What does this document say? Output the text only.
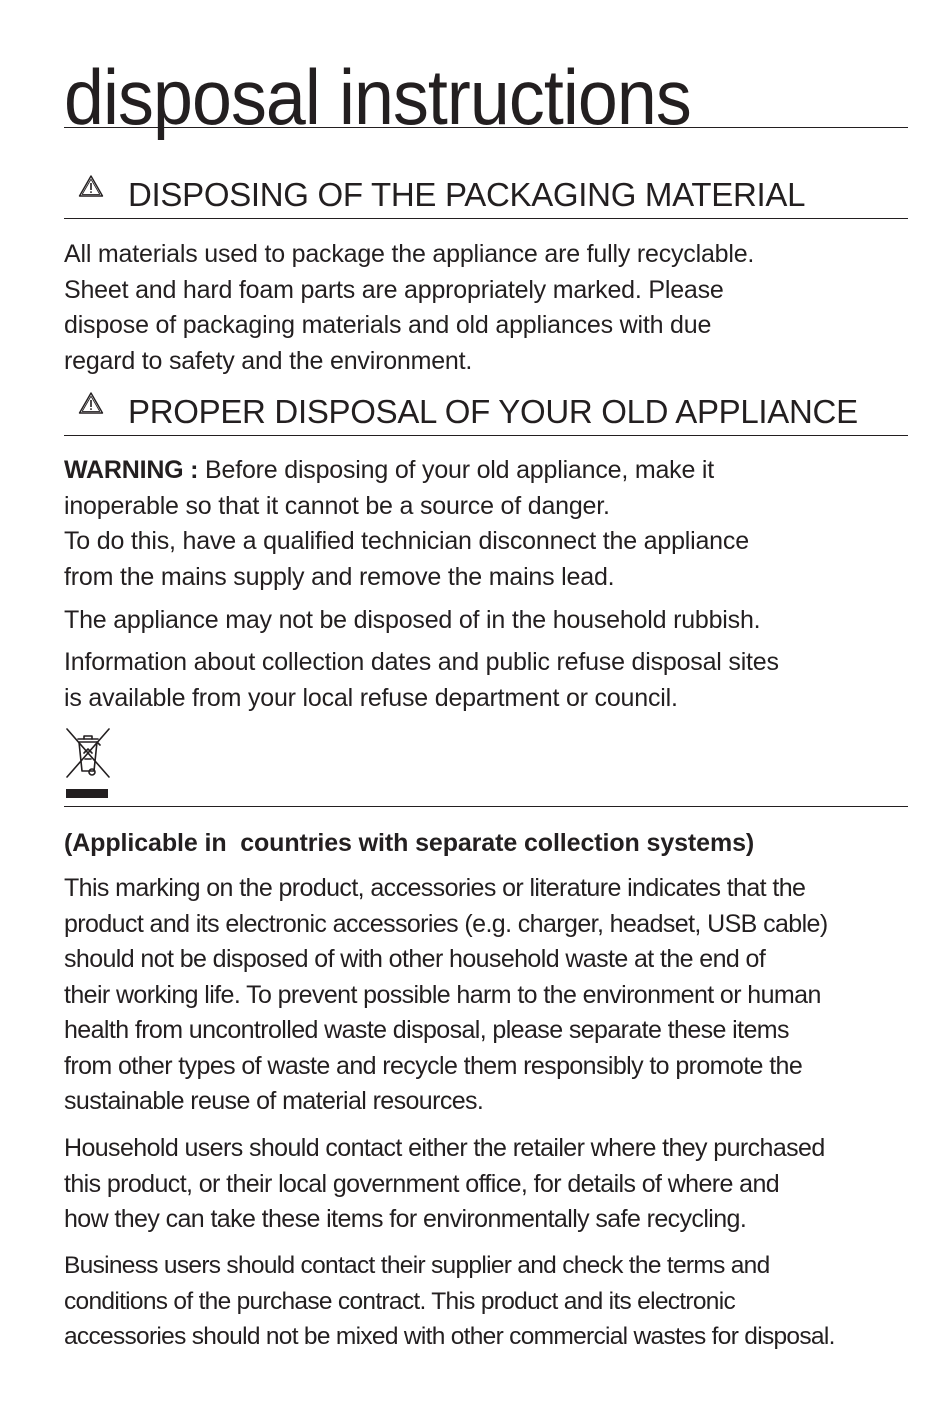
disposal instructions
DISPOSING OF THE PACKAGING MATERIAL

All materials used to package the appliance are fully recyclable.

Sheet and hard foam parts are appropriately marked. Please

dispose of packaging materials and old appliances with due

regard to safety and the environment.

PROPER DISPOSAL OF YOUR OLD APPLIANCE

WARNING : Before disposing of your old appliance, make it

inoperable so that it cannot be a source of danger.

To do this, have a qualified technician disconnect the appliance

from the mains supply and remove the mains lead.

The appliance may not be disposed of in the household rubbish.

Information about collection dates and public refuse disposal sites

is available from your local refuse department or council.

(Applicable in  countries with separate collection systems)

This marking on the product, accessories or literature indicates that the

product and its electronic accessories (e.g. charger, headset, USB cable)

should not be disposed of with other household waste at the end of

their working life. To prevent possible harm to the environment or human

health from uncontrolled waste disposal, please separate these items

from other types of waste and recycle them responsibly to promote the

sustainable reuse of material resources.

Household users should contact either the retailer where they purchased

this product, or their local government office, for details of where and

how they can take these items for environmentally safe recycling.

Business users should contact their supplier and check the terms and

conditions of the purchase contract. This product and its electronic

accessories should not be mixed with other commercial wastes for disposal.
